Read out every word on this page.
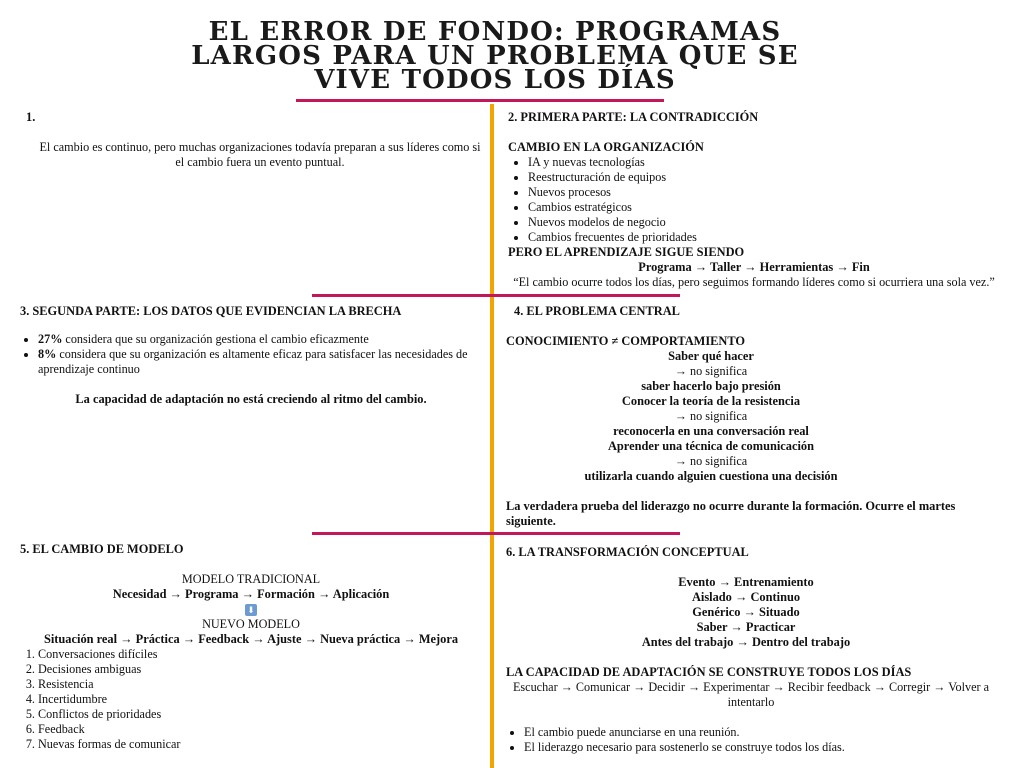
EL ERROR DE FONDO: PROGRAMAS LARGOS PARA UN PROBLEMA QUE SE VIVE TODOS LOS DÍAS
1.
El cambio es continuo, pero muchas organizaciones todavía preparan a sus líderes como si el cambio fuera un evento puntual.
2. PRIMERA PARTE: LA CONTRADICCIÓN
CAMBIO EN LA ORGANIZACIÓN
• IA y nuevas tecnologías
• Reestructuración de equipos
• Nuevos procesos
• Cambios estratégicos
• Nuevos modelos de negocio
• Cambios frecuentes de prioridades
PERO EL APRENDIZAJE SIGUE SIENDO
Programa → Taller → Herramientas → Fin
“El cambio ocurre todos los días, pero seguimos formando líderes como si ocurriera una sola vez.”
3. SEGUNDA PARTE: LOS DATOS QUE EVIDENCIAN LA BRECHA
• 27% considera que su organización gestiona el cambio eficazmente
• 8% considera que su organización es altamente eficaz para satisfacer las necesidades de aprendizaje continuo
La capacidad de adaptación no está creciendo al ritmo del cambio.
4. EL PROBLEMA CENTRAL
CONOCIMIENTO ≠ COMPORTAMIENTO
Saber qué hacer
→ no significa
saber hacerlo bajo presión
Conocer la teoría de la resistencia
→ no significa
reconocerla en una conversación real
Aprender una técnica de comunicación
→ no significa
utilizarla cuando alguien cuestiona una decisión
La verdadera prueba del liderazgo no ocurre durante la formación. Ocurre el martes siguiente.
5. EL CAMBIO DE MODELO
MODELO TRADICIONAL
Necesidad → Programa → Formación → Aplicación
⬇
NUEVO MODELO
Situación real → Práctica → Feedback → Ajuste → Nueva práctica → Mejora
1. Conversaciones difíciles
2. Decisiones ambiguas
3. Resistencia
4. Incertidumbre
5. Conflictos de prioridades
6. Feedback
7. Nuevas formas de comunicar
6. LA TRANSFORMACIÓN CONCEPTUAL
Evento → Entrenamiento
Aislado → Continuo
Genérico → Situado
Saber → Practicar
Antes del trabajo → Dentro del trabajo
LA CAPACIDAD DE ADAPTACIÓN SE CONSTRUYE TODOS LOS DÍAS
Escuchar → Comunicar → Decidir → Experimentar → Recibir feedback → Corregir → Volver a intentarlo
• El cambio puede anunciarse en una reunión.
• El liderazgo necesario para sostenerlo se construye todos los días.
